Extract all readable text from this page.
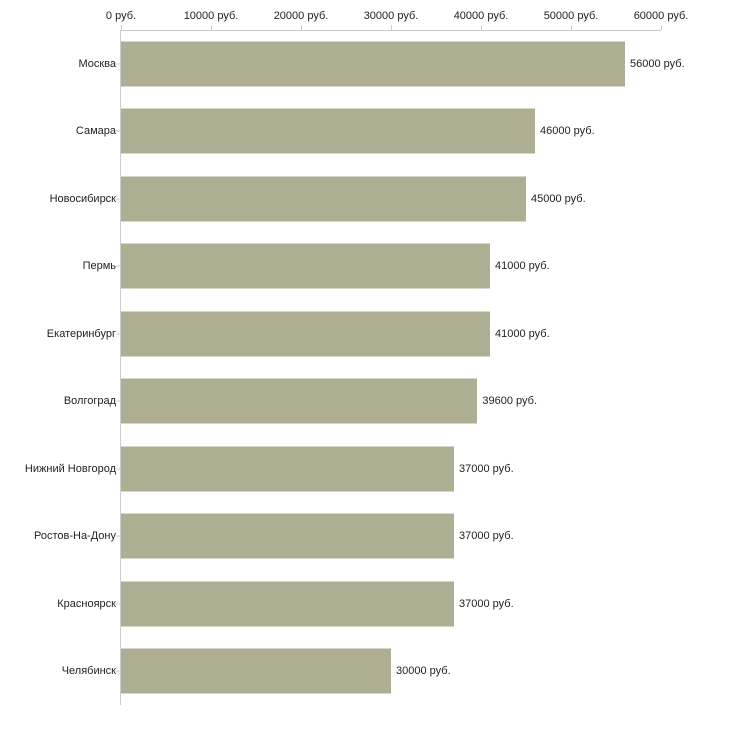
0 руб.	10000 руб.	20000 руб.	30000 руб.	40000 руб.	50000 руб.	60000 руб.
Москва	56000 руб.
Самара	46000 руб.
Новосибирск	45000 руб.
Пермь	41000 руб.
Екатеринбург	41000 руб.
Волгоград	39600 руб.
Нижний Новгород	37000 руб.
Ростов-На-Дону	37000 руб.
Красноярск	37000 руб.
Челябинск	30000 руб.
